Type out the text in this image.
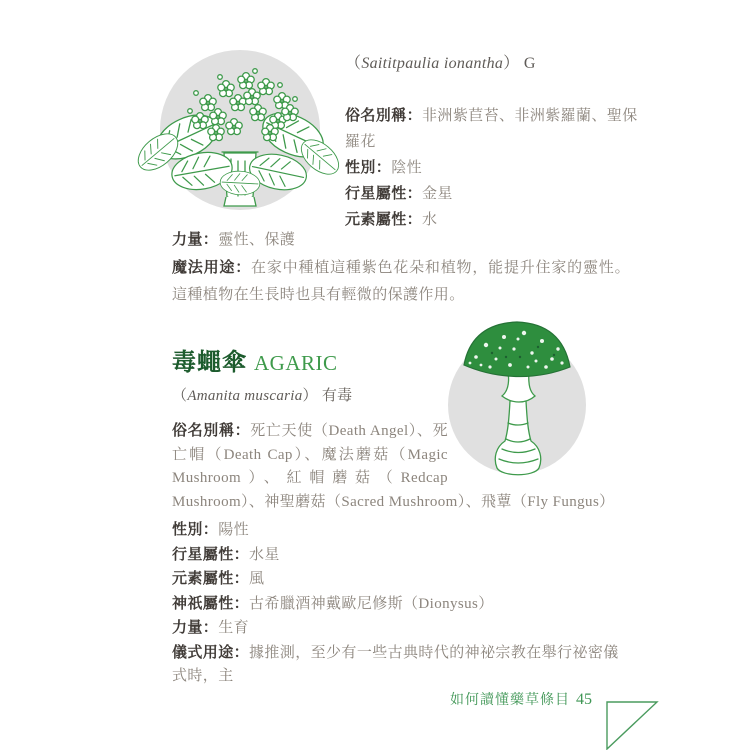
（Saititpaulia ionantha） G
俗名別稱：非洲紫苣苔、非洲紫羅蘭、聖保羅花
性別：陰性
行星屬性：金星
元素屬性：水
力量：靈性、保護
魔法用途：在家中種植這種紫色花朵和植物，能提升住家的靈性。這種植物在生長時也具有輕微的保護作用。
毒蠅傘 AGARIC
（Amanita muscaria） 有毒

俗名別稱：死亡天使（Death Angel）、死亡帽（Death Cap）、魔法蘑菇（Magic Mushroom）、紅帽蘑菇（Redcap Mushroom）、神聖蘑菇（Sacred Mushroom）、飛蕈（Fly Fungus）

性別：陽性
行星屬性：水星
元素屬性：風
神祇屬性：古希臘酒神戴歐尼修斯（Dionysus）
力量：生育
儀式用途：據推測，至少有一些古典時代的神祕宗教在舉行祕密儀式時，主
如何讀懂藥草條目 45
